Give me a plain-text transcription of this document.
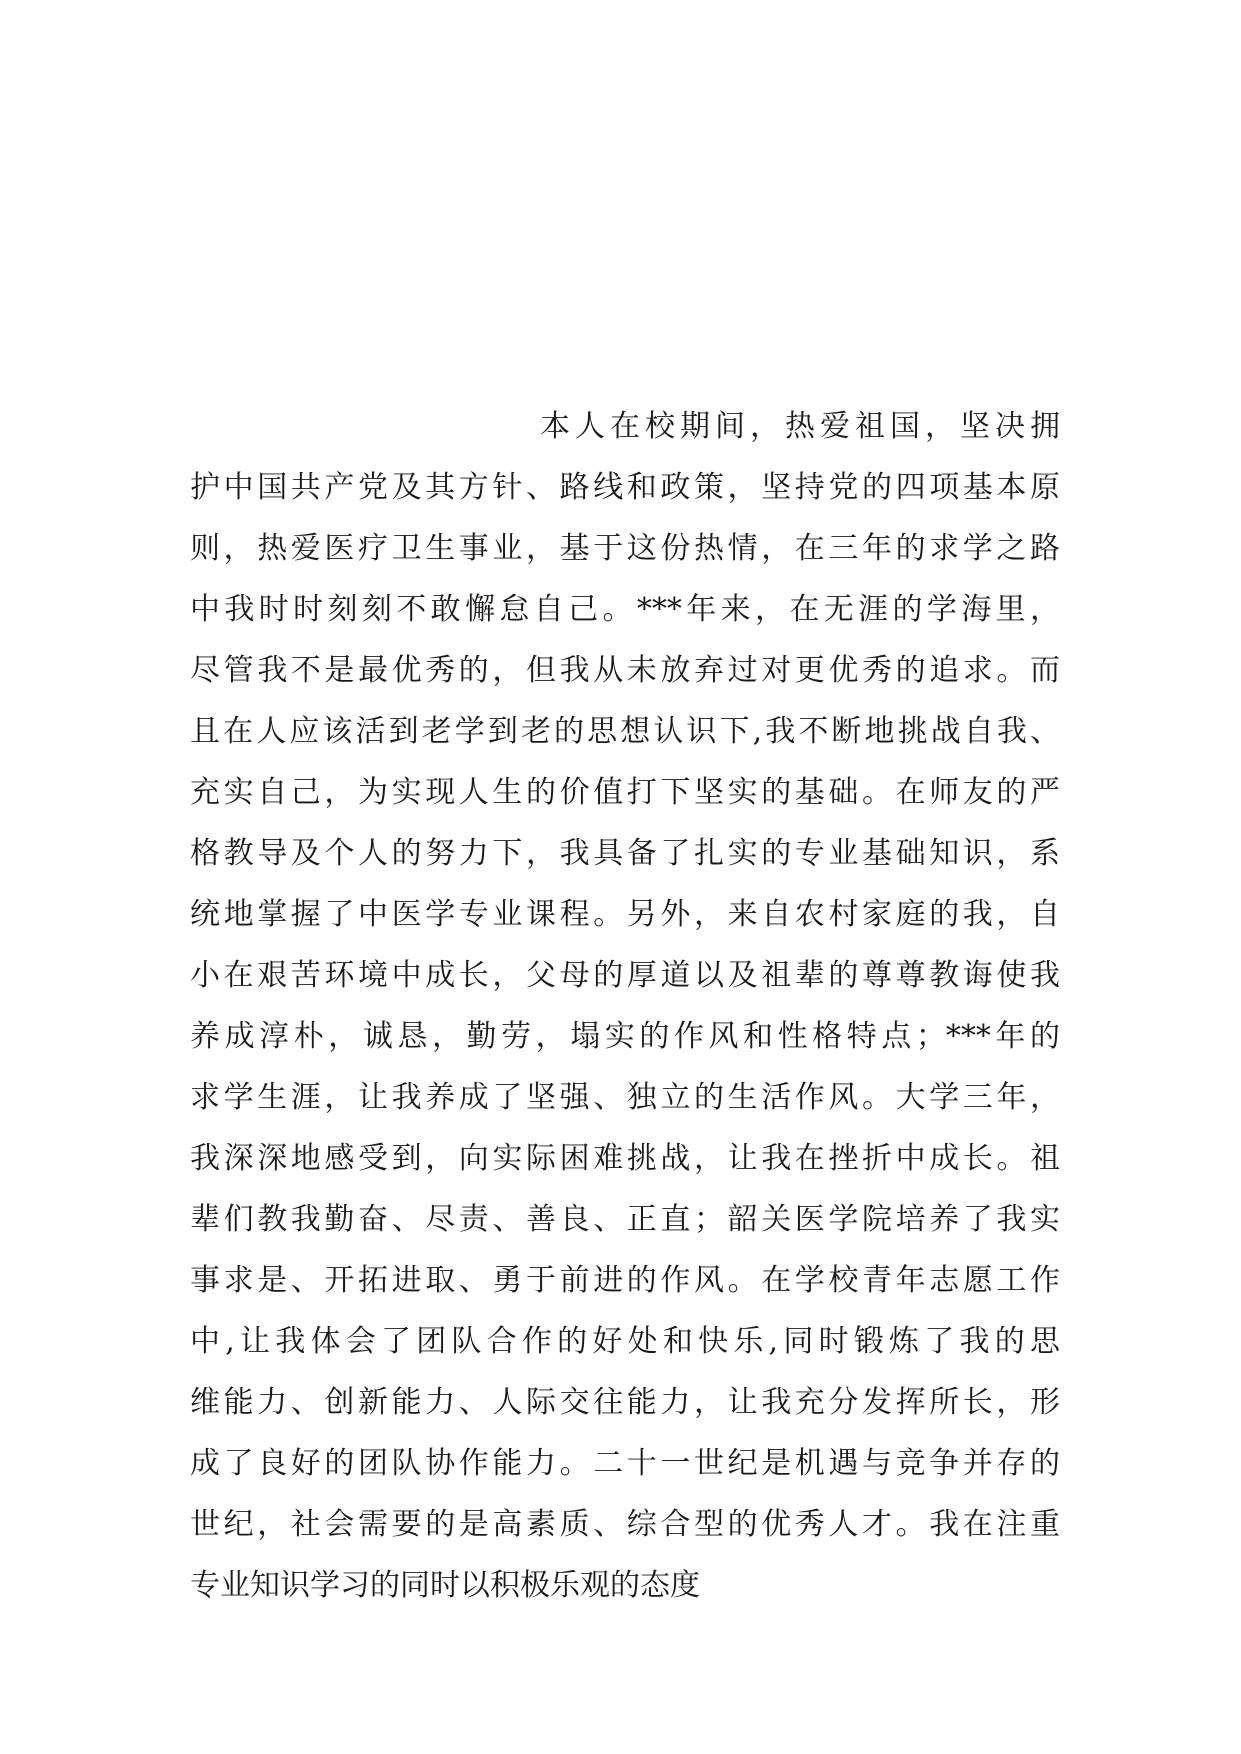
本人在校期间，热爱祖国，坚决拥
护中国共产党及其方针、路线和政策，坚持党的四项基本原
则，热爱医疗卫生事业，基于这份热情，在三年的求学之路
中我时时刻刻不敢懈怠自己。***年来，在无涯的学海里，
尽管我不是最优秀的，但我从未放弃过对更优秀的追求。而
且在人应该活到老学到老的思想认识下,我不断地挑战自我、
充实自己，为实现人生的价值打下坚实的基础。在师友的严
格教导及个人的努力下，我具备了扎实的专业基础知识，系
统地掌握了中医学专业课程。另外，来自农村家庭的我，自
小在艰苦环境中成长，父母的厚道以及祖辈的尊尊教诲使我
养成淳朴，诚恳，勤劳，塌实的作风和性格特点；***年的
求学生涯，让我养成了坚强、独立的生活作风。大学三年，
我深深地感受到，向实际困难挑战，让我在挫折中成长。祖
辈们教我勤奋、尽责、善良、正直；韶关医学院培养了我实
事求是、开拓进取、勇于前进的作风。在学校青年志愿工作
中,让我体会了团队合作的好处和快乐,同时锻炼了我的思
维能力、创新能力、人际交往能力，让我充分发挥所长，形
成了良好的团队协作能力。二十一世纪是机遇与竞争并存的
世纪，社会需要的是高素质、综合型的优秀人才。我在注重
专业知识学习的同时以积极乐观的态度
